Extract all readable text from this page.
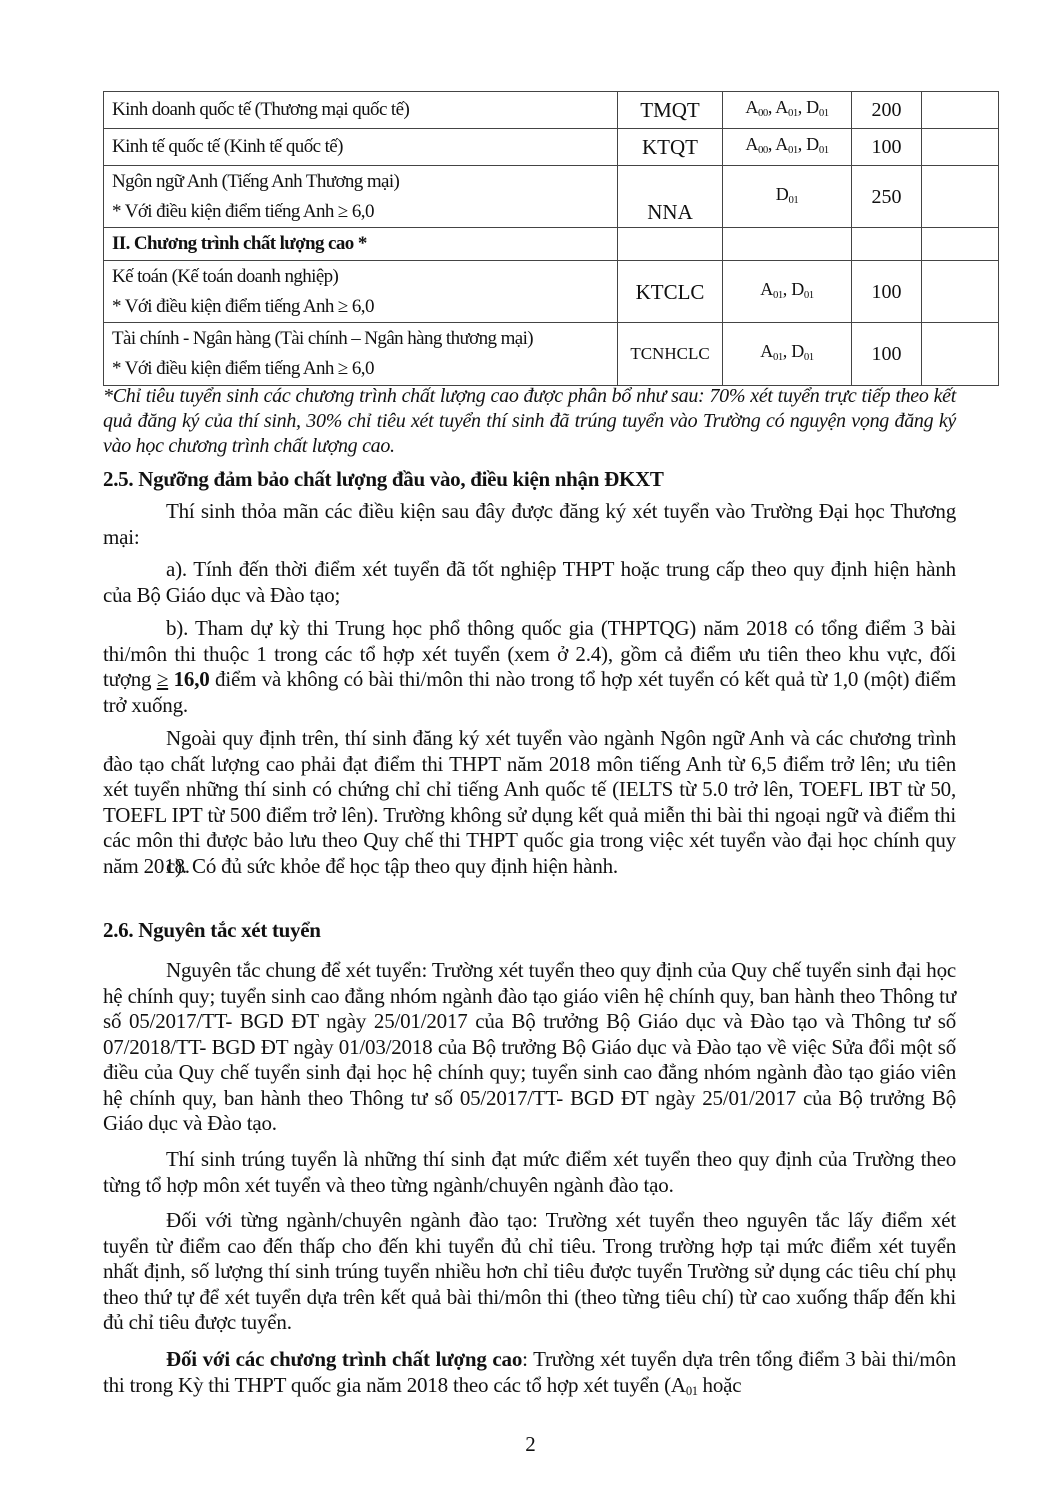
Kinh doanh quốc tế (Thương mại quốc tế)	TMQT	$A_{00}$, $A_{01}$, $D_{01}$	200	
Kinh tế quốc tế (Kinh tế quốc tế)	KTQT	$A_{00}$, $A_{01}$, $D_{01}$	100	

Ngôn ngữ Anh (Tiếng Anh Thương mại)
* Với điều kiện điểm tiếng Anh ≥ 6,0	NNA	$D_{01}$	250	
II. Chương trình chất lượng cao *				

Kế toán (Kế toán doanh nghiệp)
* Với điều kiện điểm tiếng Anh ≥ 6,0	KTCLC	$A_{01}$, $D_{01}$	100	

Tài chính - Ngân hàng (Tài chính – Ngân hàng thương mại)
* Với điều kiện điểm tiếng Anh ≥ 6,0	TCNHCLC	$A_{01}$, $D_{01}$	100	

*Chỉ tiêu tuyển sinh các chương trình chất lượng cao được phân bổ như sau: 70% xét tuyển trực tiếp theo kết quả đăng ký của thí sinh, 30% chỉ tiêu xét tuyển thí sinh đã trúng tuyển vào Trường có nguyện vọng đăng ký vào học chương trình chất lượng cao.

2.5. Ngưỡng đảm bảo chất lượng đầu vào, điều kiện nhận ĐKXT

Thí sinh thỏa mãn các điều kiện sau đây được đăng ký xét tuyển vào Trường Đại học Thương mại:

a). Tính đến thời điểm xét tuyển đã tốt nghiệp THPT hoặc trung cấp theo quy định hiện hành của Bộ Giáo dục và Đào tạo;

b). Tham dự kỳ thi Trung học phổ thông quốc gia (THPTQG) năm 2018 có tổng điểm 3 bài thi/môn thi thuộc 1 trong các tổ hợp xét tuyển (xem ở 2.4), gồm cả điểm ưu tiên theo khu vực, đối tượng ≥ 16,0 điểm và không có bài thi/môn thi nào trong tổ hợp xét tuyển có kết quả từ 1,0 (một) điểm trở xuống.

Ngoài quy định trên, thí sinh đăng ký xét tuyển vào ngành Ngôn ngữ Anh và các chương trình đào tạo chất lượng cao phải đạt điểm thi THPT năm 2018 môn tiếng Anh từ 6,5 điểm trở lên; ưu tiên xét tuyển những thí sinh có chứng chỉ chỉ tiếng Anh quốc tế (IELTS từ 5.0 trở lên, TOEFL IBT từ 50, TOEFL IPT từ 500 điểm trở lên). Trường không sử dụng kết quả miễn thi bài thi ngoại ngữ và điểm thi các môn thi được bảo lưu theo Quy chế thi THPT quốc gia trong việc xét tuyển vào đại học chính quy năm 2018.

c). Có đủ sức khỏe để học tập theo quy định hiện hành.

2.6. Nguyên tắc xét tuyển

Nguyên tắc chung để xét tuyển: Trường xét tuyển theo quy định của Quy chế tuyển sinh đại học hệ chính quy; tuyển sinh cao đẳng nhóm ngành đào tạo giáo viên hệ chính quy, ban hành theo Thông tư số 05/2017/TT- BGD ĐT ngày 25/01/2017 của Bộ trưởng Bộ Giáo dục và Đào tạo và Thông tư số 07/2018/TT- BGD ĐT ngày 01/03/2018 của Bộ trưởng Bộ Giáo dục và Đào tạo về việc Sửa đổi một số điều của Quy chế tuyển sinh đại học hệ chính quy; tuyển sinh cao đẳng nhóm ngành đào tạo giáo viên hệ chính quy, ban hành theo Thông tư số 05/2017/TT- BGD ĐT ngày 25/01/2017 của Bộ trưởng Bộ Giáo dục và Đào tạo.

Thí sinh trúng tuyển là những thí sinh đạt mức điểm xét tuyển theo quy định của Trường theo từng tổ hợp môn xét tuyển và theo từng ngành/chuyên ngành đào tạo.

Đối với từng ngành/chuyên ngành đào tạo: Trường xét tuyển theo nguyên tắc lấy điểm xét tuyển từ điểm cao đến thấp cho đến khi tuyển đủ chỉ tiêu. Trong trường hợp tại mức điểm xét tuyển nhất định, số lượng thí sinh trúng tuyển nhiều hơn chỉ tiêu được tuyển Trường sử dụng các tiêu chí phụ theo thứ tự để xét tuyển dựa trên kết quả bài thi/môn thi (theo từng tiêu chí) từ cao xuống thấp đến khi đủ chỉ tiêu được tuyển.

Đối với các chương trình chất lượng cao: Trường xét tuyển dựa trên tổng điểm 3 bài thi/môn thi trong Kỳ thi THPT quốc gia năm 2018 theo các tổ hợp xét tuyển ($A_{01}$ hoặc

2
